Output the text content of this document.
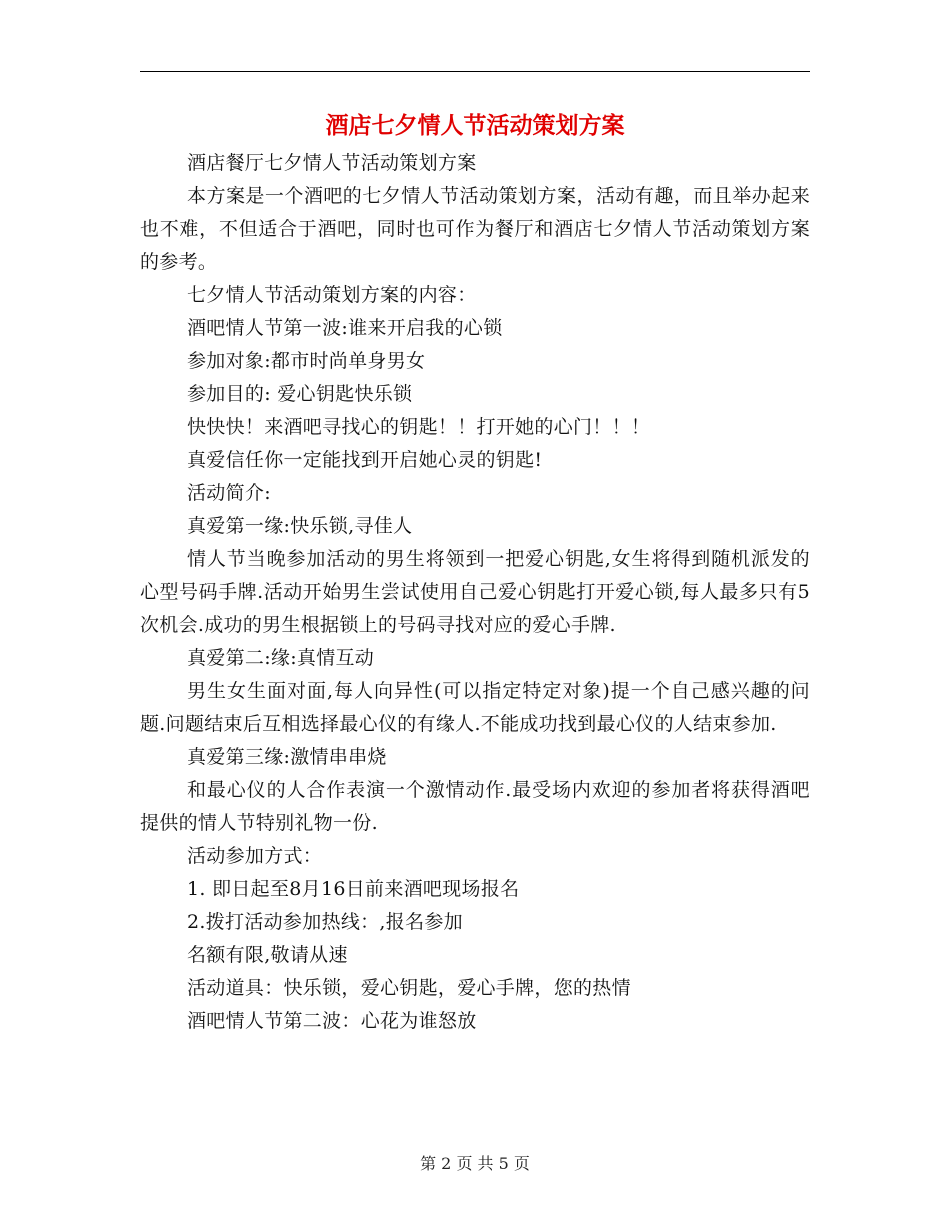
酒店七夕情人节活动策划方案

酒店餐厅七夕情人节活动策划方案

本方案是一个酒吧的七夕情人节活动策划方案，活动有趣，而且举办起来也不难，不但适合于酒吧，同时也可作为餐厅和酒店七夕情人节活动策划方案的参考。

七夕情人节活动策划方案的内容：

酒吧情人节第一波:谁来开启我的心锁

参加对象:都市时尚单身男女

参加目的: 爱心钥匙快乐锁

快快快！来酒吧寻找心的钥匙！！打开她的心门！！！

真爱信任你一定能找到开启她心灵的钥匙!

活动简介:

真爱第一缘:快乐锁,寻佳人

情人节当晚参加活动的男生将领到一把爱心钥匙,女生将得到随机派发的心型号码手牌.活动开始男生尝试使用自己爱心钥匙打开爱心锁,每人最多只有5次机会.成功的男生根据锁上的号码寻找对应的爱心手牌.

真爱第二:缘:真情互动

男生女生面对面,每人向异性(可以指定特定对象)提一个自己感兴趣的问题.问题结束后互相选择最心仪的有缘人.不能成功找到最心仪的人结束参加.

真爱第三缘:激情串串烧

和最心仪的人合作表演一个激情动作.最受场内欢迎的参加者将获得酒吧提供的情人节特别礼物一份.

活动参加方式：

1. 即日起至8月16日前来酒吧现场报名

2.拨打活动参加热线：,报名参加

名额有限,敬请从速

活动道具：快乐锁，爱心钥匙，爱心手牌，您的热情

酒吧情人节第二波：心花为谁怒放

第 2 页 共 5 页
